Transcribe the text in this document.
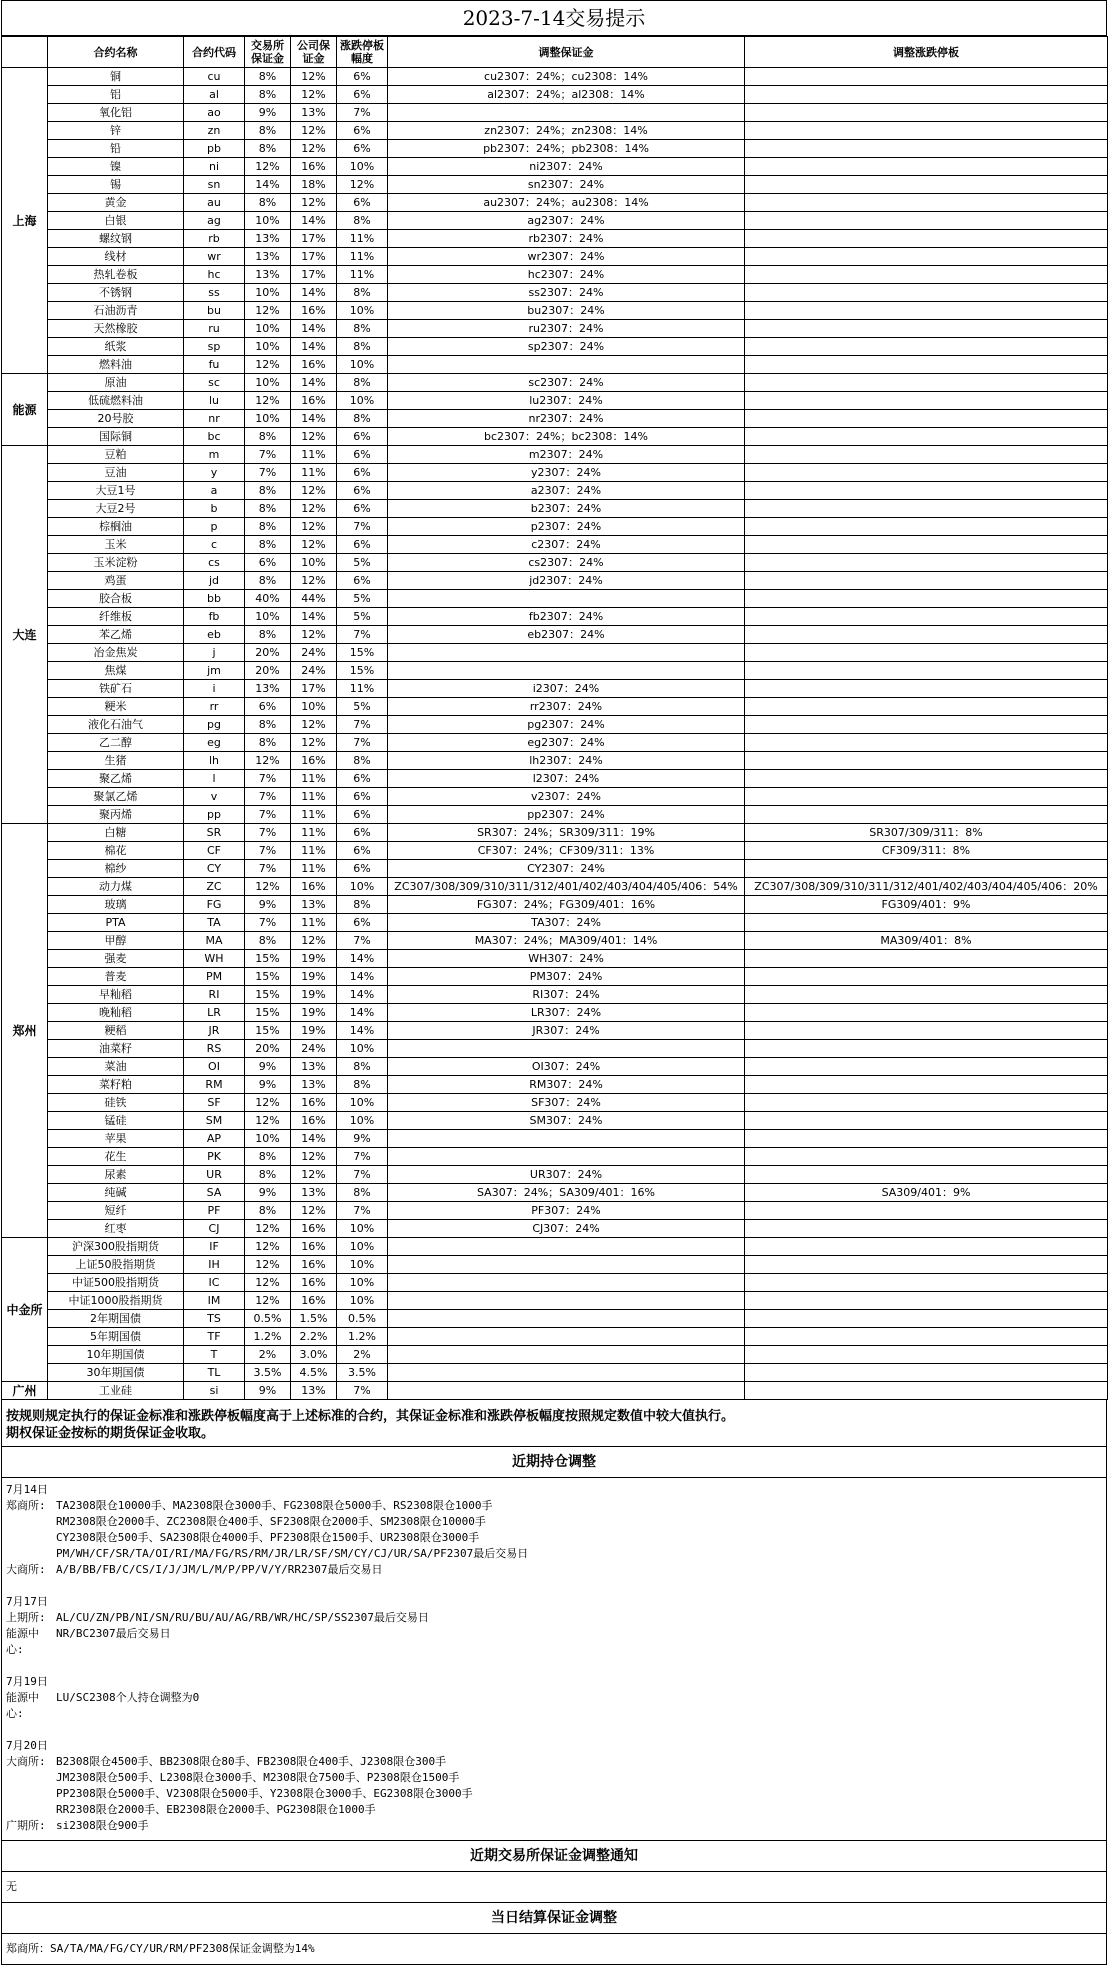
2023-7-14交易提示
	合约名称	合约代码	交易所保证金	公司保证金	涨跌停板幅度	调整保证金	调整涨跌停板
上海	铜	cu	8%	12%	6%	cu2307：24%；cu2308：14%	
	铝	al	8%	12%	6%	al2307：24%；al2308：14%	
	氧化铝	ao	9%	13%	7%		
	锌	zn	8%	12%	6%	zn2307：24%；zn2308：14%	
	铅	pb	8%	12%	6%	pb2307：24%；pb2308：14%	
	镍	ni	12%	16%	10%	ni2307：24%	
	锡	sn	14%	18%	12%	sn2307：24%	
	黄金	au	8%	12%	6%	au2307：24%；au2308：14%	
	白银	ag	10%	14%	8%	ag2307：24%	
	螺纹钢	rb	13%	17%	11%	rb2307：24%	
	线材	wr	13%	17%	11%	wr2307：24%	
	热轧卷板	hc	13%	17%	11%	hc2307：24%	
	不锈钢	ss	10%	14%	8%	ss2307：24%	
	石油沥青	bu	12%	16%	10%	bu2307：24%	
	天然橡胶	ru	10%	14%	8%	ru2307：24%	
	纸浆	sp	10%	14%	8%	sp2307：24%	
	燃料油	fu	12%	16%	10%		
能源	原油	sc	10%	14%	8%	sc2307：24%	
	低硫燃料油	lu	12%	16%	10%	lu2307：24%	
	20号胶	nr	10%	14%	8%	nr2307：24%	
	国际铜	bc	8%	12%	6%	bc2307：24%；bc2308：14%	
大连	豆粕	m	7%	11%	6%	m2307：24%	
	豆油	y	7%	11%	6%	y2307：24%	
	大豆1号	a	8%	12%	6%	a2307：24%	
	大豆2号	b	8%	12%	6%	b2307：24%	
	棕榈油	p	8%	12%	7%	p2307：24%	
	玉米	c	8%	12%	6%	c2307：24%	
	玉米淀粉	cs	6%	10%	5%	cs2307：24%	
	鸡蛋	jd	8%	12%	6%	jd2307：24%	
	胶合板	bb	40%	44%	5%		
	纤维板	fb	10%	14%	5%	fb2307：24%	
	苯乙烯	eb	8%	12%	7%	eb2307：24%	
	冶金焦炭	j	20%	24%	15%		
	焦煤	jm	20%	24%	15%		
	铁矿石	i	13%	17%	11%	i2307：24%	
	粳米	rr	6%	10%	5%	rr2307：24%	
	液化石油气	pg	8%	12%	7%	pg2307：24%	
	乙二醇	eg	8%	12%	7%	eg2307：24%	
	生猪	lh	12%	16%	8%	lh2307：24%	
	聚乙烯	l	7%	11%	6%	l2307：24%	
	聚氯乙烯	v	7%	11%	6%	v2307：24%	
	聚丙烯	pp	7%	11%	6%	pp2307：24%	
郑州	白糖	SR	7%	11%	6%	SR307：24%；SR309/311：19%	SR307/309/311：8%
	棉花	CF	7%	11%	6%	CF307：24%；CF309/311：13%	CF309/311：8%
	棉纱	CY	7%	11%	6%	CY2307：24%	
	动力煤	ZC	12%	16%	10%	ZC307/308/309/310/311/312/401/402/403/404/405/406：54%	ZC307/308/309/310/311/312/401/402/403/404/405/406：20%
	玻璃	FG	9%	13%	8%	FG307：24%；FG309/401：16%	FG309/401：9%
	PTA	TA	7%	11%	6%	TA307：24%	
	甲醇	MA	8%	12%	7%	MA307：24%；MA309/401：14%	MA309/401：8%
	强麦	WH	15%	19%	14%	WH307：24%	
	普麦	PM	15%	19%	14%	PM307：24%	
	早籼稻	RI	15%	19%	14%	RI307：24%	
	晚籼稻	LR	15%	19%	14%	LR307：24%	
	粳稻	JR	15%	19%	14%	JR307：24%	
	油菜籽	RS	20%	24%	10%		
	菜油	OI	9%	13%	8%	OI307：24%	
	菜籽粕	RM	9%	13%	8%	RM307：24%	
	硅铁	SF	12%	16%	10%	SF307：24%	
	锰硅	SM	12%	16%	10%	SM307：24%	
	苹果	AP	10%	14%	9%		
	花生	PK	8%	12%	7%		
	尿素	UR	8%	12%	7%	UR307：24%	
	纯碱	SA	9%	13%	8%	SA307：24%；SA309/401：16%	SA309/401：9%
	短纤	PF	8%	12%	7%	PF307：24%	
	红枣	CJ	12%	16%	10%	CJ307：24%	
中金所	沪深300股指期货	IF	12%	16%	10%		
	上证50股指期货	IH	12%	16%	10%		
	中证500股指期货	IC	12%	16%	10%		
	中证1000股指期货	IM	12%	16%	10%		
	2年期国债	TS	0.5%	1.5%	0.5%		
	5年期国债	TF	1.2%	2.2%	1.2%		
	10年期国债	T	2%	3.0%	2%		
	30年期国债	TL	3.5%	4.5%	3.5%		
广州	工业硅	si	9%	13%	7%		
按规则规定执行的保证金标准和涨跌停板幅度高于上述标准的合约，其保证金标准和涨跌停板幅度按照规定数值中较大值执行。
期权保证金按标的期货保证金收取。
近期持仓调整
7月14日
郑商所: TA2308限仓10000手、MA2308限仓3000手、FG2308限仓5000手、RS2308限仓1000手
RM2308限仓2000手、ZC2308限仓400手、SF2308限仓2000手、SM2308限仓10000手
CY2308限仓500手、SA2308限仓4000手、PF2308限仓1500手、UR2308限仓3000手
PM/WH/CF/SR/TA/OI/RI/MA/FG/RS/RM/JR/LR/SF/SM/CY/CJ/UR/SA/PF2307最后交易日
大商所: A/B/BB/FB/C/CS/I/J/JM/L/M/P/PP/V/Y/RR2307最后交易日
7月17日
上期所: AL/CU/ZN/PB/NI/SN/RU/BU/AU/AG/RB/WR/HC/SP/SS2307最后交易日
能源中心:
NR/BC2307最后交易日
7月19日
能源中心:
LU/SC2308个人持仓调整为0
7月20日
大商所: B2308限仓4500手、BB2308限仓80手、FB2308限仓400手、J2308限仓300手
JM2308限仓500手、L2308限仓3000手、M2308限仓7500手、P2308限仓1500手
PP2308限仓5000手、V2308限仓5000手、Y2308限仓3000手、EG2308限仓3000手
RR2308限仓2000手、EB2308限仓2000手、PG2308限仓1000手
广期所: si2308限仓900手
近期交易所保证金调整通知
无
当日结算保证金调整
郑商所：SA/TA/MA/FG/CY/UR/RM/PF2308保证金调整为14%
